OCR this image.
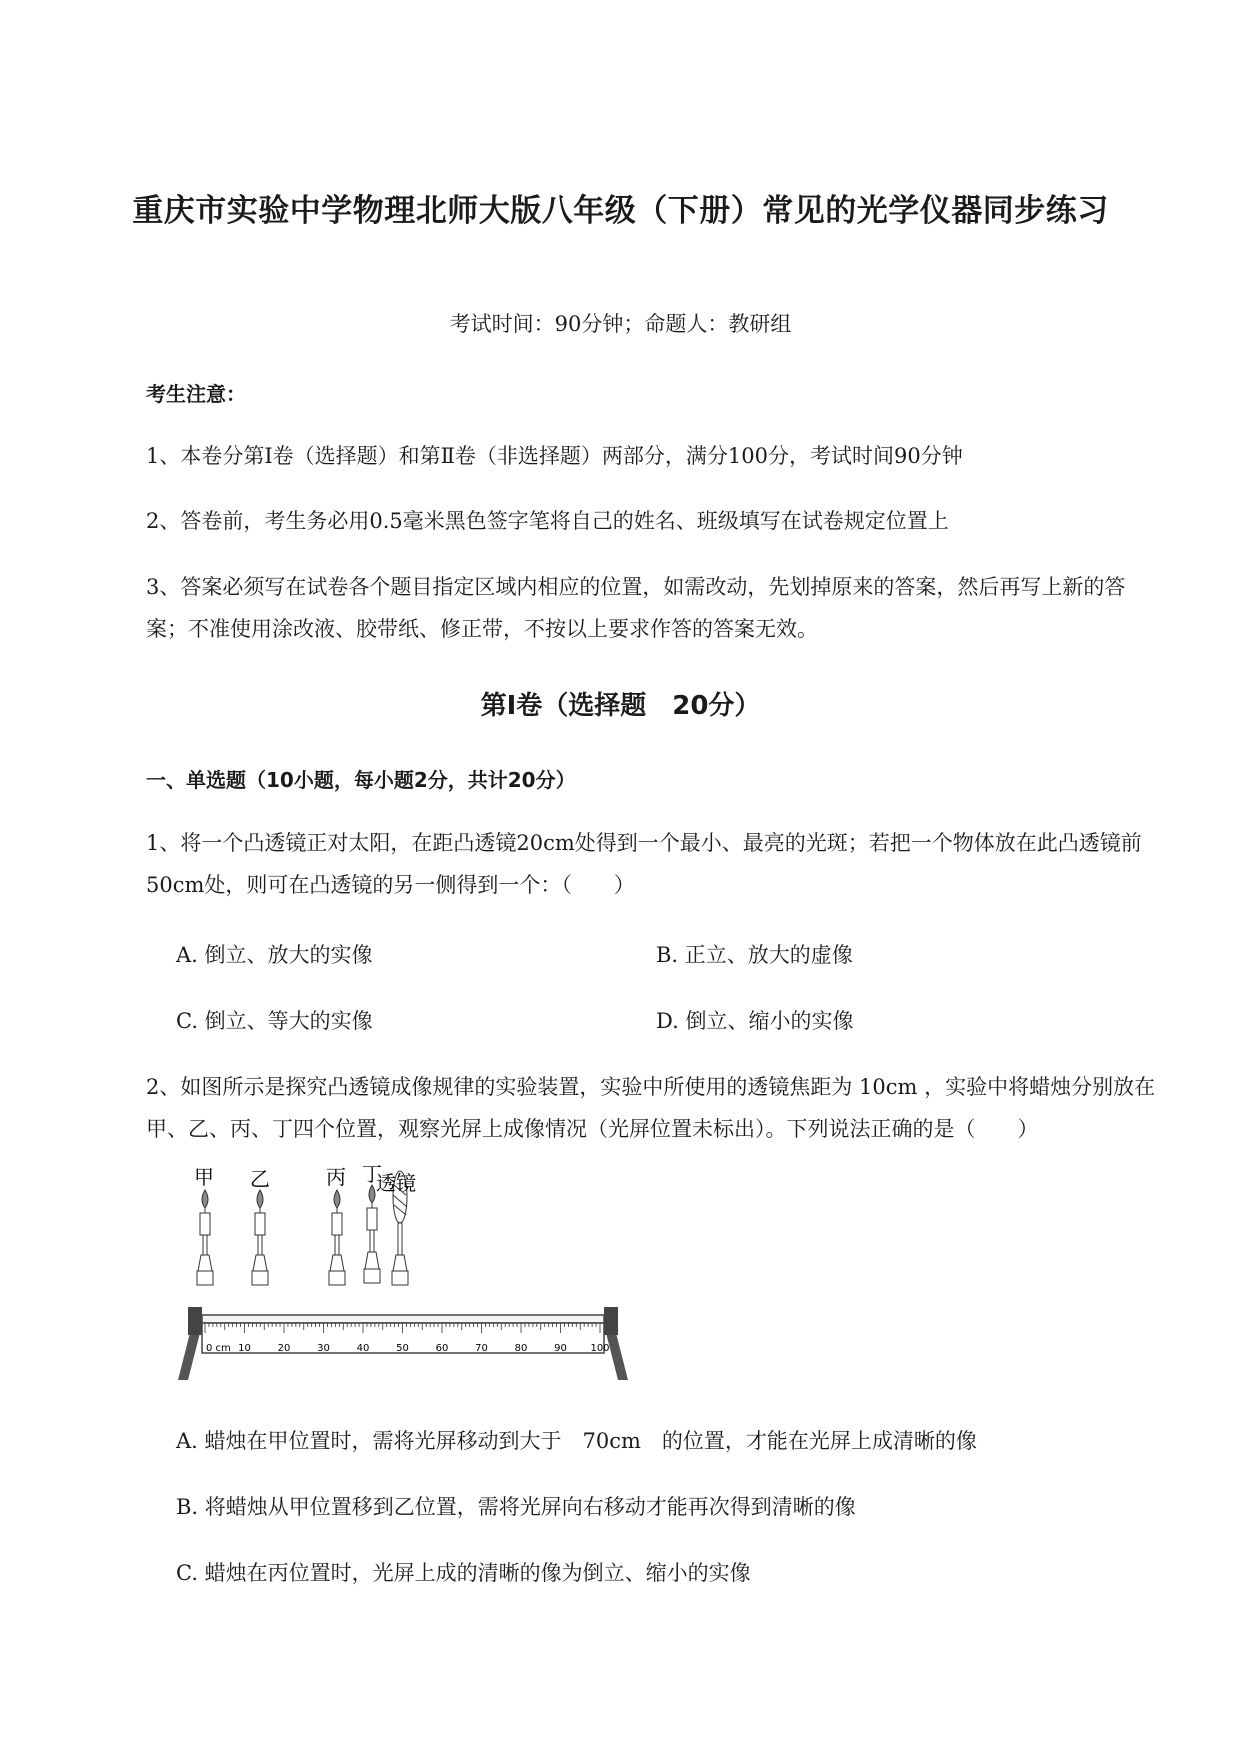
重庆市实验中学物理北师大版八年级（下册）常见的光学仪器同步练习
考试时间：90分钟；命题人：教研组
考生注意：
1、本卷分第I卷（选择题）和第Ⅱ卷（非选择题）两部分，满分100分，考试时间90分钟
2、答卷前，考生务必用0.5毫米黑色签字笔将自己的姓名、班级填写在试卷规定位置上
3、答案必须写在试卷各个题目指定区域内相应的位置，如需改动，先划掉原来的答案，然后再写上新的答案；不准使用涂改液、胶带纸、修正带，不按以上要求作答的答案无效。
第I卷（选择题　20分）
一、单选题（10小题，每小题2分，共计20分）
1、将一个凸透镜正对太阳，在距凸透镜20cm处得到一个最小、最亮的光斑；若把一个物体放在此凸透镜前50cm处，则可在凸透镜的另一侧得到一个：（　　）
A. 倒立、放大的实像	B. 正立、放大的虚像
C. 倒立、等大的实像	D. 倒立、缩小的实像
2、如图所示是探究凸透镜成像规律的实验装置，实验中所使用的透镜焦距为 10cm ，实验中将蜡烛分别放在甲、乙、丙、丁四个位置，观察光屏上成像情况（光屏位置未标出）。下列说法正确的是（　　）
0 cm 10	20	30	40	50	60	70	80	90 100
甲 乙	丙 丁
透镜
A. 蜡烛在甲位置时，需将光屏移动到大于　70cm　的位置，才能在光屏上成清晰的像
B. 将蜡烛从甲位置移到乙位置，需将光屏向右移动才能再次得到清晰的像
C. 蜡烛在丙位置时，光屏上成的清晰的像为倒立、缩小的实像
